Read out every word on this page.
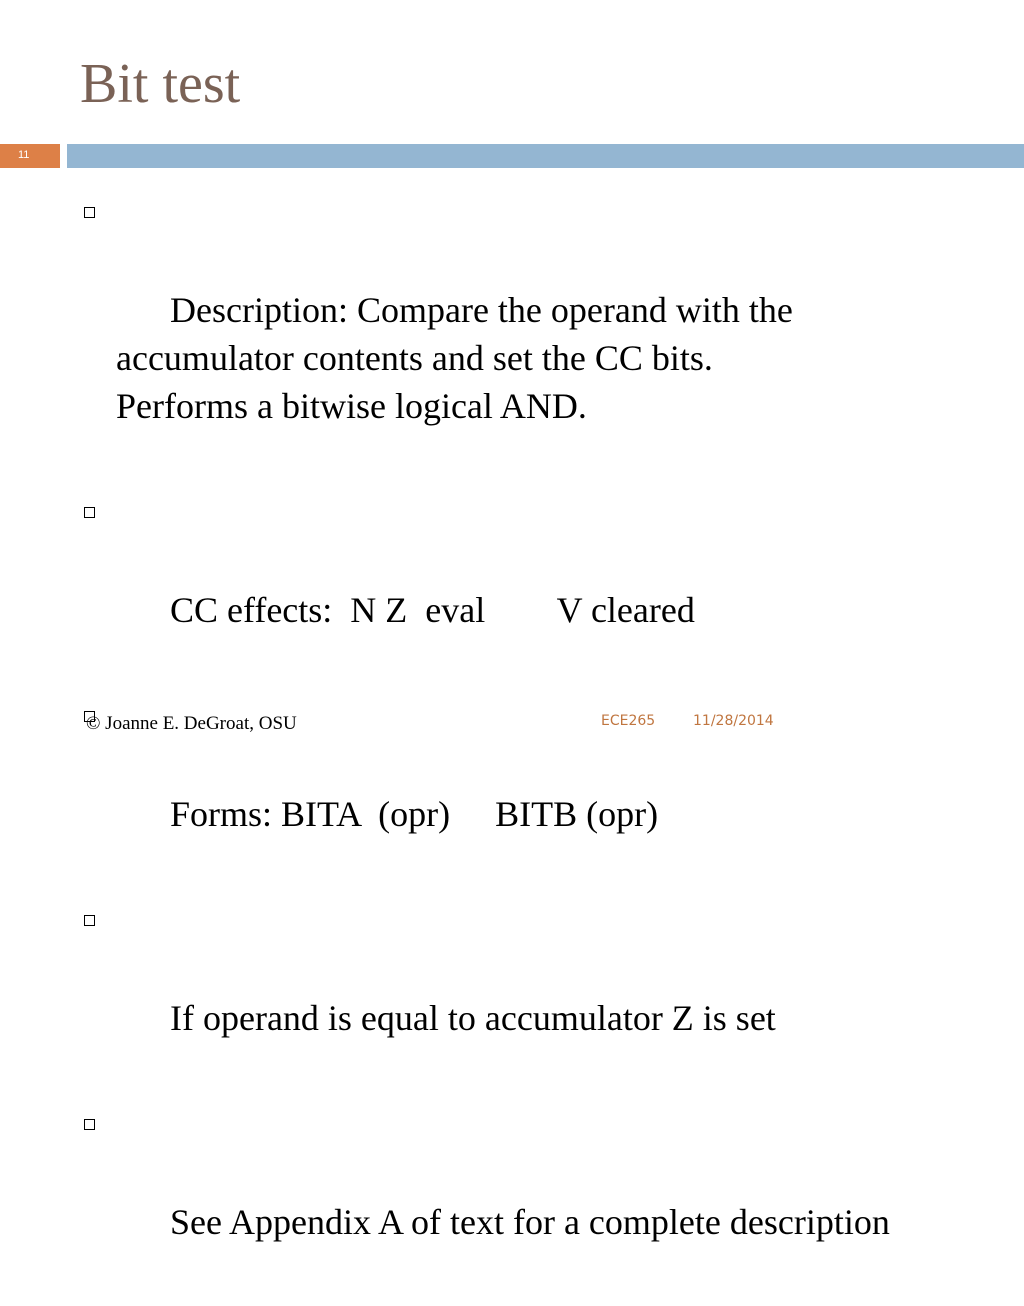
Bit test
11

Description: Compare the operand with the
accumulator contents and set the CC bits.
Performs a bitwise logical AND.

CC effects:  N Z  eval        V cleared

Forms: BITA  (opr)     BITB (opr)

If operand is equal to accumulator Z is set

See Appendix A of text for a complete description

© Joanne E. DeGroat, OSU	ECE265	11/28/2014
